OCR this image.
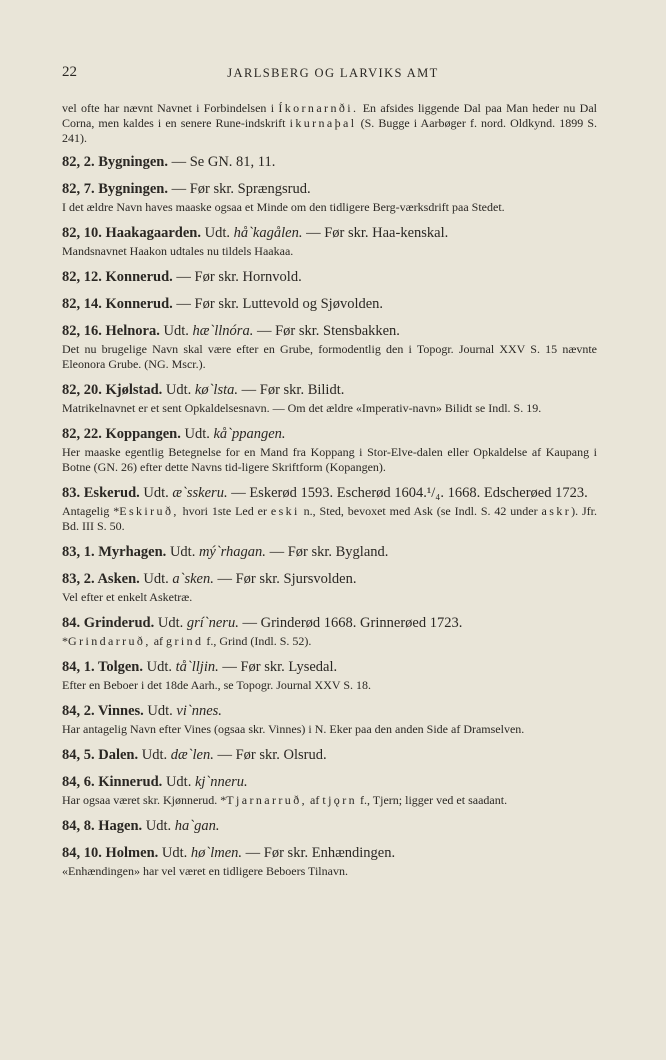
22	JARLSBERG OG LARVIKS AMT

vel ofte har nævnt Navnet i Forbindelsen i Íkornarnði. En afsides liggende Dal paa Man heder nu Dal Corna, men kaldes i en senere Rune-indskrift ikurnaþal (S. Bugge i Aarbøger f. nord. Oldkynd. 1899 S. 241).

82, 2. Bygningen. — Se GN. 81, 11.

82, 7. Bygningen. — Før skr. Sprængsrud.

I det ældre Navn haves maaske ogsaa et Minde om den tidligere Berg-værksdrift paa Stedet.

82, 10. Haakagaarden. Udt. hå`kagålen. — Før skr. Haa-kenskal.

Mandsnavnet Haakon udtales nu tildels Haakaa.

82, 12. Konnerud. — Før skr. Hornvold.

82, 14. Konnerud. — Før skr. Luttevold og Sjøvolden.

82, 16. Helnora. Udt. hæ`llnóra. — Før skr. Stensbakken.

Det nu brugelige Navn skal være efter en Grube, formodentlig den i Topogr. Journal XXV S. 15 nævnte Eleonora Grube. (NG. Mscr.).

82, 20. Kjølstad. Udt. kø`lsta. — Før skr. Bilidt.

Matrikelnavnet er et sent Opkaldelsesnavn. — Om det ældre «Imperativ-navn» Bilidt se Indl. S. 19.

82, 22. Koppangen. Udt. kå`ppangen.

Her maaske egentlig Betegnelse for en Mand fra Koppang i Stor-Elve-dalen eller Opkaldelse af Kaupang i Botne (GN. 26) efter dette Navns tid-ligere Skriftform (Kopangen).

83. Eskerud. Udt. æ`sskeru. — Eskerød 1593. Escherød 1604.¹/₄. 1668. Edscherøed 1723.

Antagelig *Eskiruð, hvori 1ste Led er eski n., Sted, bevoxet med Ask (se Indl. S. 42 under askr). Jfr. Bd. III S. 50.

83, 1. Myrhagen. Udt. mý`rhagan. — Før skr. Bygland.

83, 2. Asken. Udt. a`sken. — Før skr. Sjursvolden.

Vel efter et enkelt Asketræ.

84. Grinderud. Udt. grí`neru. — Grinderød 1668. Grinnerøed 1723.

*Grindarruð, af grind f., Grind (Indl. S. 52).

84, 1. Tolgen. Udt. tå`lljin. — Før skr. Lysedal.

Efter en Beboer i det 18de Aarh., se Topogr. Journal XXV S. 18.

84, 2. Vinnes. Udt. vi`nnes.

Har antagelig Navn efter Vines (ogsaa skr. Vinnes) i N. Eker paa den anden Side af Dramselven.

84, 5. Dalen. Udt. dæ`len. — Før skr. Olsrud.

84, 6. Kinnerud. Udt. kj`nneru.

Har ogsaa været skr. Kjønnerud. *Tjarnarruð, af tjǫrn f., Tjern; ligger ved et saadant.

84, 8. Hagen. Udt. ha`gan.

84, 10. Holmen. Udt. hø`lmen. — Før skr. Enhændingen.

«Enhændingen» har vel været en tidligere Beboers Tilnavn.
